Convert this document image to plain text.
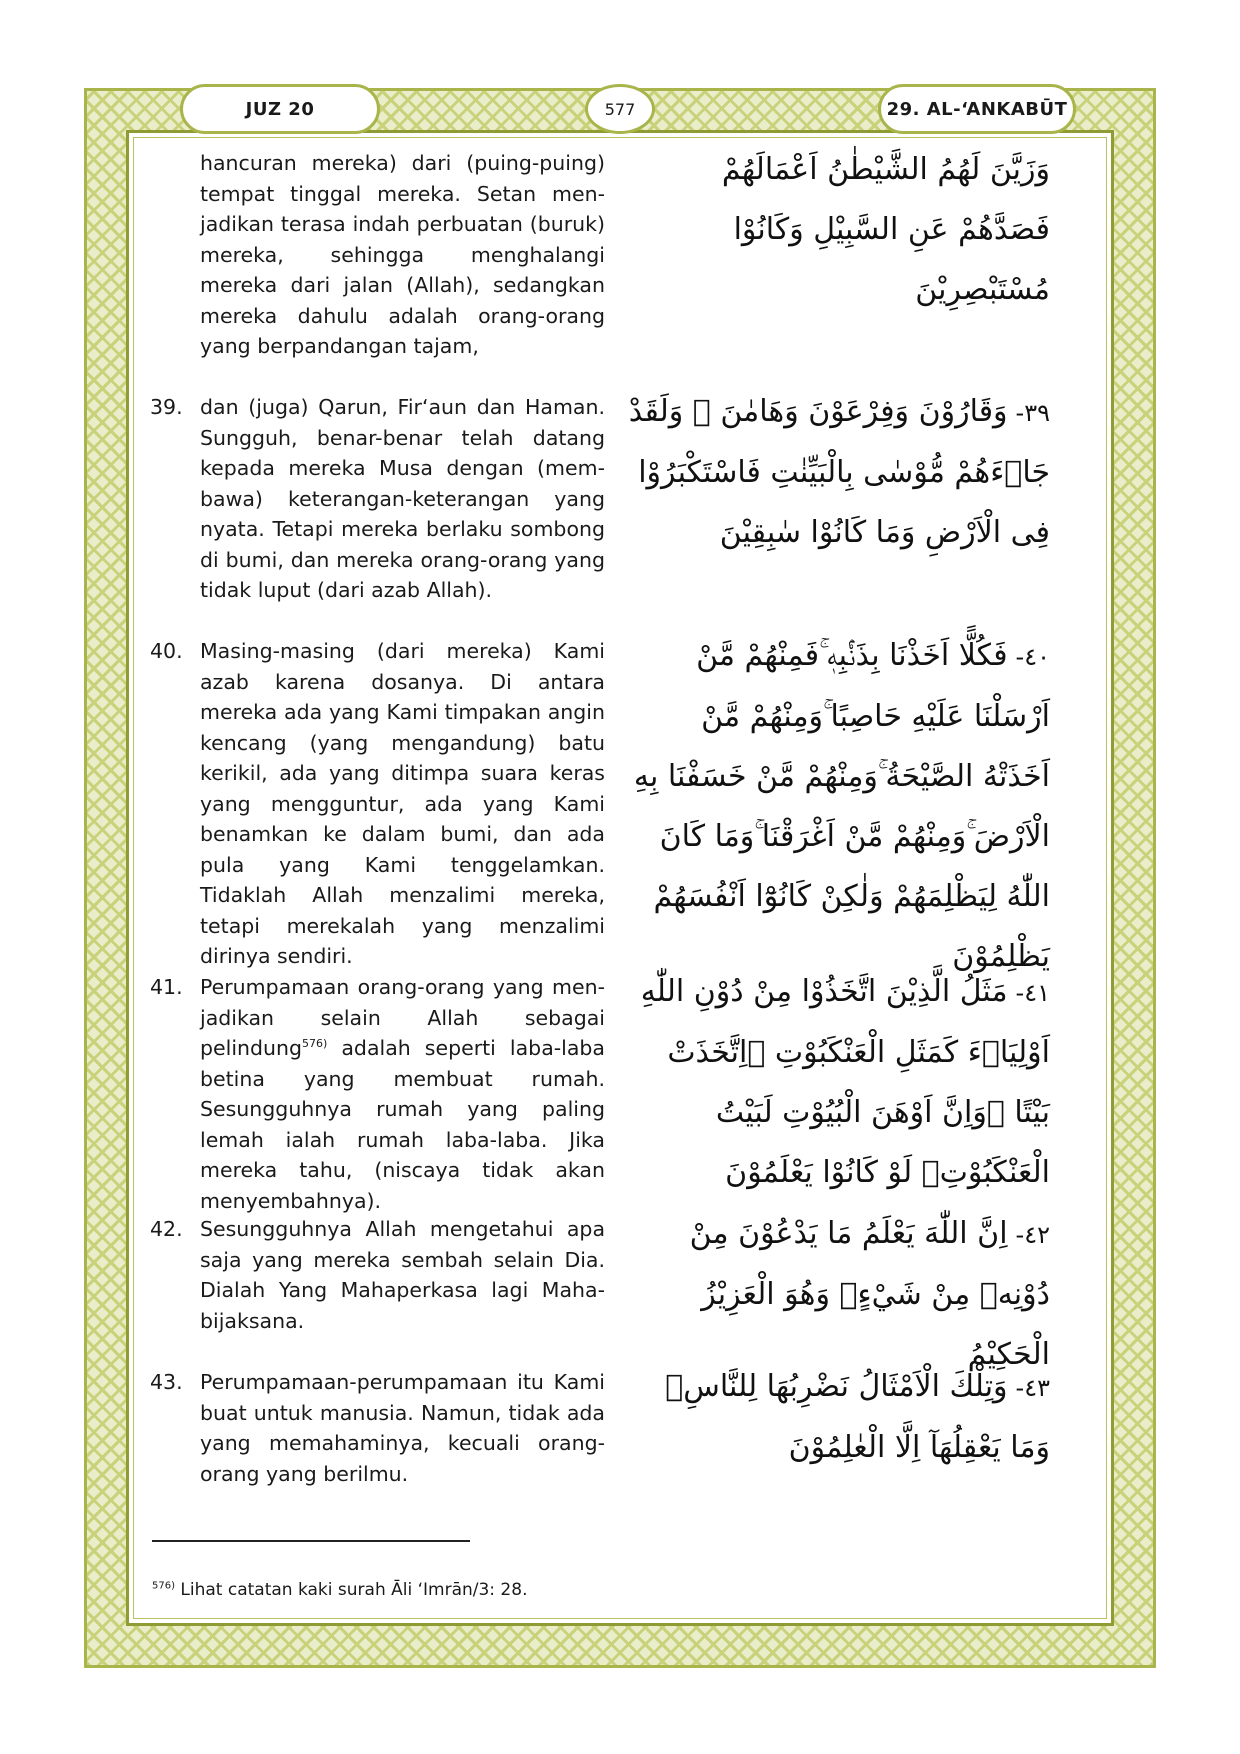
JUZ 20	577	29. AL-‘ANKABŪT
hancuran mereka) dari (puing-puing) tempat tinggal mereka. Setan menjadikan terasa indah perbuatan (buruk) mereka, sehingga menghalangi mereka dari jalan (Allah), sedangkan mereka dahulu adalah orang-orang yang berpandangan tajam,
وَزَيَّنَ لَهُمُ الشَّيْطٰنُ اَعْمَالَهُمْ فَصَدَّهُمْ عَنِ السَّبِيْلِ وَكَانُوْا مُسْتَبْصِرِيْنَ
39. dan (juga) Qarun, Fir‘aun dan Haman. Sungguh, benar-benar telah datang kepada mereka Musa dengan (membawa) keterangan-keterangan yang nyata. Tetapi mereka berlaku sombong di bumi, dan mereka orang-orang yang tidak luput (dari azab Allah).
٣٩-وَقَارُوْنَ وَفِرْعَوْنَ وَهَامٰنَ ۗ وَلَقَدْ جَاۤءَهُمْ مُّوْسٰى بِالْبَيِّنٰتِ فَاسْتَكْبَرُوْا فِى الْاَرْضِ وَمَا كَانُوْا سٰبِقِيْنَ
40. Masing-masing (dari mereka) Kami azab karena dosanya. Di antara mereka ada yang Kami timpakan angin kencang (yang mengandung) batu kerikil, ada yang ditimpa suara keras yang mengguntur, ada yang Kami benamkan ke dalam bumi, dan ada pula yang Kami tenggelamkan. Tidaklah Allah menzalimi mereka, tetapi merekalah yang menzalimi dirinya sendiri.
٤٠-فَكُلًّا اَخَذْنَا بِذَنْۢبِهٖ ۚفَمِنْهُمْ مَّنْ اَرْسَلْنَا عَلَيْهِ حَاصِبًا ۚوَمِنْهُمْ مَّنْ اَخَذَتْهُ الصَّيْحَةُ ۚوَمِنْهُمْ مَّنْ خَسَفْنَا بِهِ الْاَرْضَ ۚوَمِنْهُمْ مَّنْ اَغْرَقْنَا ۚوَمَا كَانَ اللّٰهُ لِيَظْلِمَهُمْ وَلٰكِنْ كَانُوْٓا اَنْفُسَهُمْ يَظْلِمُوْنَ
41. Perumpamaan orang-orang yang menjadikan selain Allah sebagai pelindung$^{576)}$ adalah seperti laba-laba betina yang membuat rumah. Sesungguhnya rumah yang paling lemah ialah rumah laba-laba. Jika mereka tahu, (niscaya tidak akan menyembahnya).
٤١-مَثَلُ الَّذِيْنَ اتَّخَذُوْا مِنْ دُوْنِ اللّٰهِ اَوْلِيَاۤءَ كَمَثَلِ الْعَنْكَبُوْتِ ۚاِتَّخَذَتْ بَيْتًا ۗوَاِنَّ اَوْهَنَ الْبُيُوْتِ لَبَيْتُ الْعَنْكَبُوْتِۘ لَوْ كَانُوْا يَعْلَمُوْنَ
42. Sesungguhnya Allah mengetahui apa saja yang mereka sembah selain Dia. Dialah Yang Mahaperkasa lagi Mahabijaksana.
٤٢-اِنَّ اللّٰهَ يَعْلَمُ مَا يَدْعُوْنَ مِنْ دُوْنِهٖ مِنْ شَيْءٍۗ وَهُوَ الْعَزِيْزُ الْحَكِيْمُ
43. Perumpamaan-perumpamaan itu Kami buat untuk manusia. Namun, tidak ada yang memahaminya, kecuali orang-orang yang berilmu.
٤٣-وَتِلْكَ الْاَمْثَالُ نَضْرِبُهَا لِلنَّاسِۚ وَمَا يَعْقِلُهَآ اِلَّا الْعٰلِمُوْنَ
$^{576)}$ Lihat catatan kaki surah Āli ‘Imrān/3: 28.
